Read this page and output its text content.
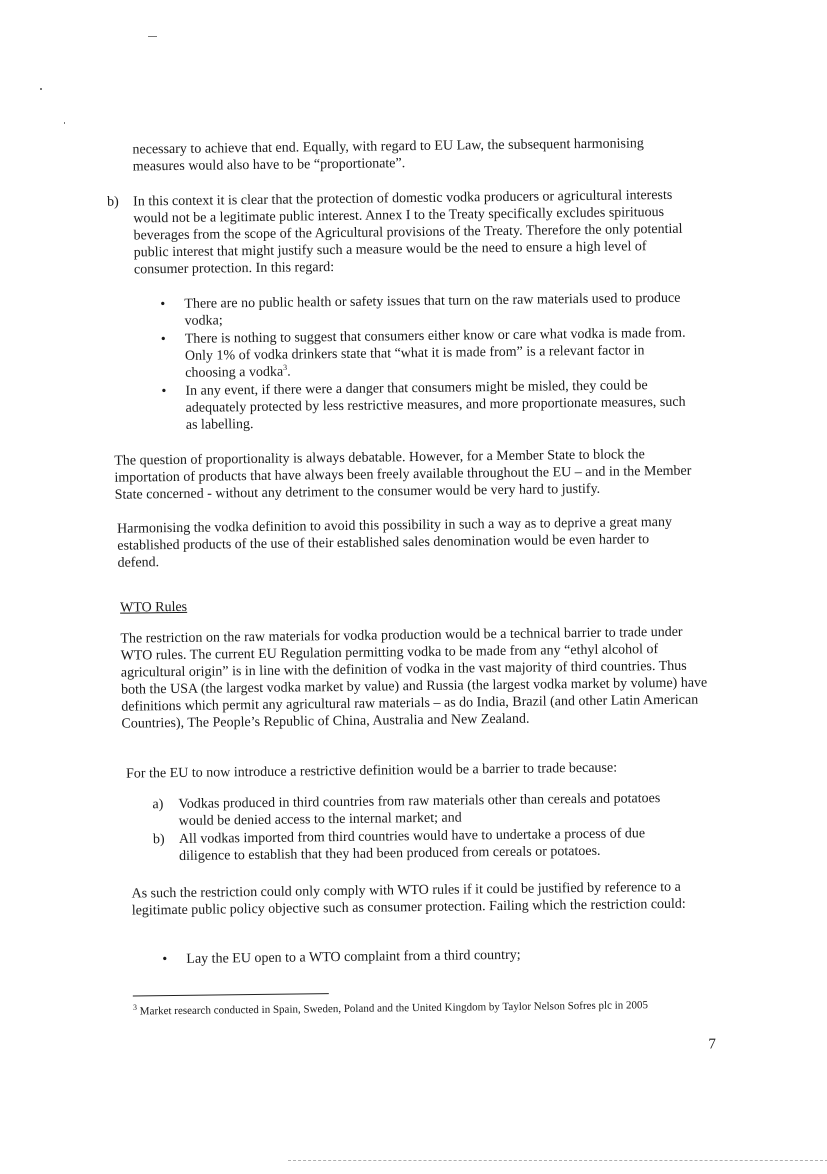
necessary to achieve that end. Equally, with regard to EU Law, the subsequent harmonising
measures would also have to be “proportionate”.

b) In this context it is clear that the protection of domestic vodka producers or agricultural interests would not be a legitimate public interest. Annex I to the Treaty specifically excludes spirituous beverages from the scope of the Agricultural provisions of the Treaty. Therefore the only potential public interest that might justify such a measure would be the need to ensure a high level of consumer protection. In this regard:

• There are no public health or safety issues that turn on the raw materials used to produce vodka;
• There is nothing to suggest that consumers either know or care what vodka is made from. Only 1% of vodka drinkers state that “what it is made from” is a relevant factor in choosing a vodka$^3$.
• In any event, if there were a danger that consumers might be misled, they could be adequately protected by less restrictive measures, and more proportionate measures, such as labelling.

The question of proportionality is always debatable. However, for a Member State to block the importation of products that have always been freely available throughout the EU – and in the Member State concerned - without any detriment to the consumer would be very hard to justify.

Harmonising the vodka definition to avoid this possibility in such a way as to deprive a great many established products of the use of their established sales denomination would be even harder to defend.

WTO Rules

The restriction on the raw materials for vodka production would be a technical barrier to trade under WTO rules. The current EU Regulation permitting vodka to be made from any “ethyl alcohol of agricultural origin” is in line with the definition of vodka in the vast majority of third countries. Thus both the USA (the largest vodka market by value) and Russia (the largest vodka market by volume) have definitions which permit any agricultural raw materials – as do India, Brazil (and other Latin American Countries), The People’s Republic of China, Australia and New Zealand.

For the EU to now introduce a restrictive definition would be a barrier to trade because:

a) Vodkas produced in third countries from raw materials other than cereals and potatoes would be denied access to the internal market; and
b) All vodkas imported from third countries would have to undertake a process of due diligence to establish that they had been produced from cereals or potatoes.

As such the restriction could only comply with WTO rules if it could be justified by reference to a legitimate public policy objective such as consumer protection. Failing which the restriction could:

• Lay the EU open to a WTO complaint from a third country;
$^3$ Market research conducted in Spain, Sweden, Poland and the United Kingdom by Taylor Nelson Sofres plc in 2005
7
